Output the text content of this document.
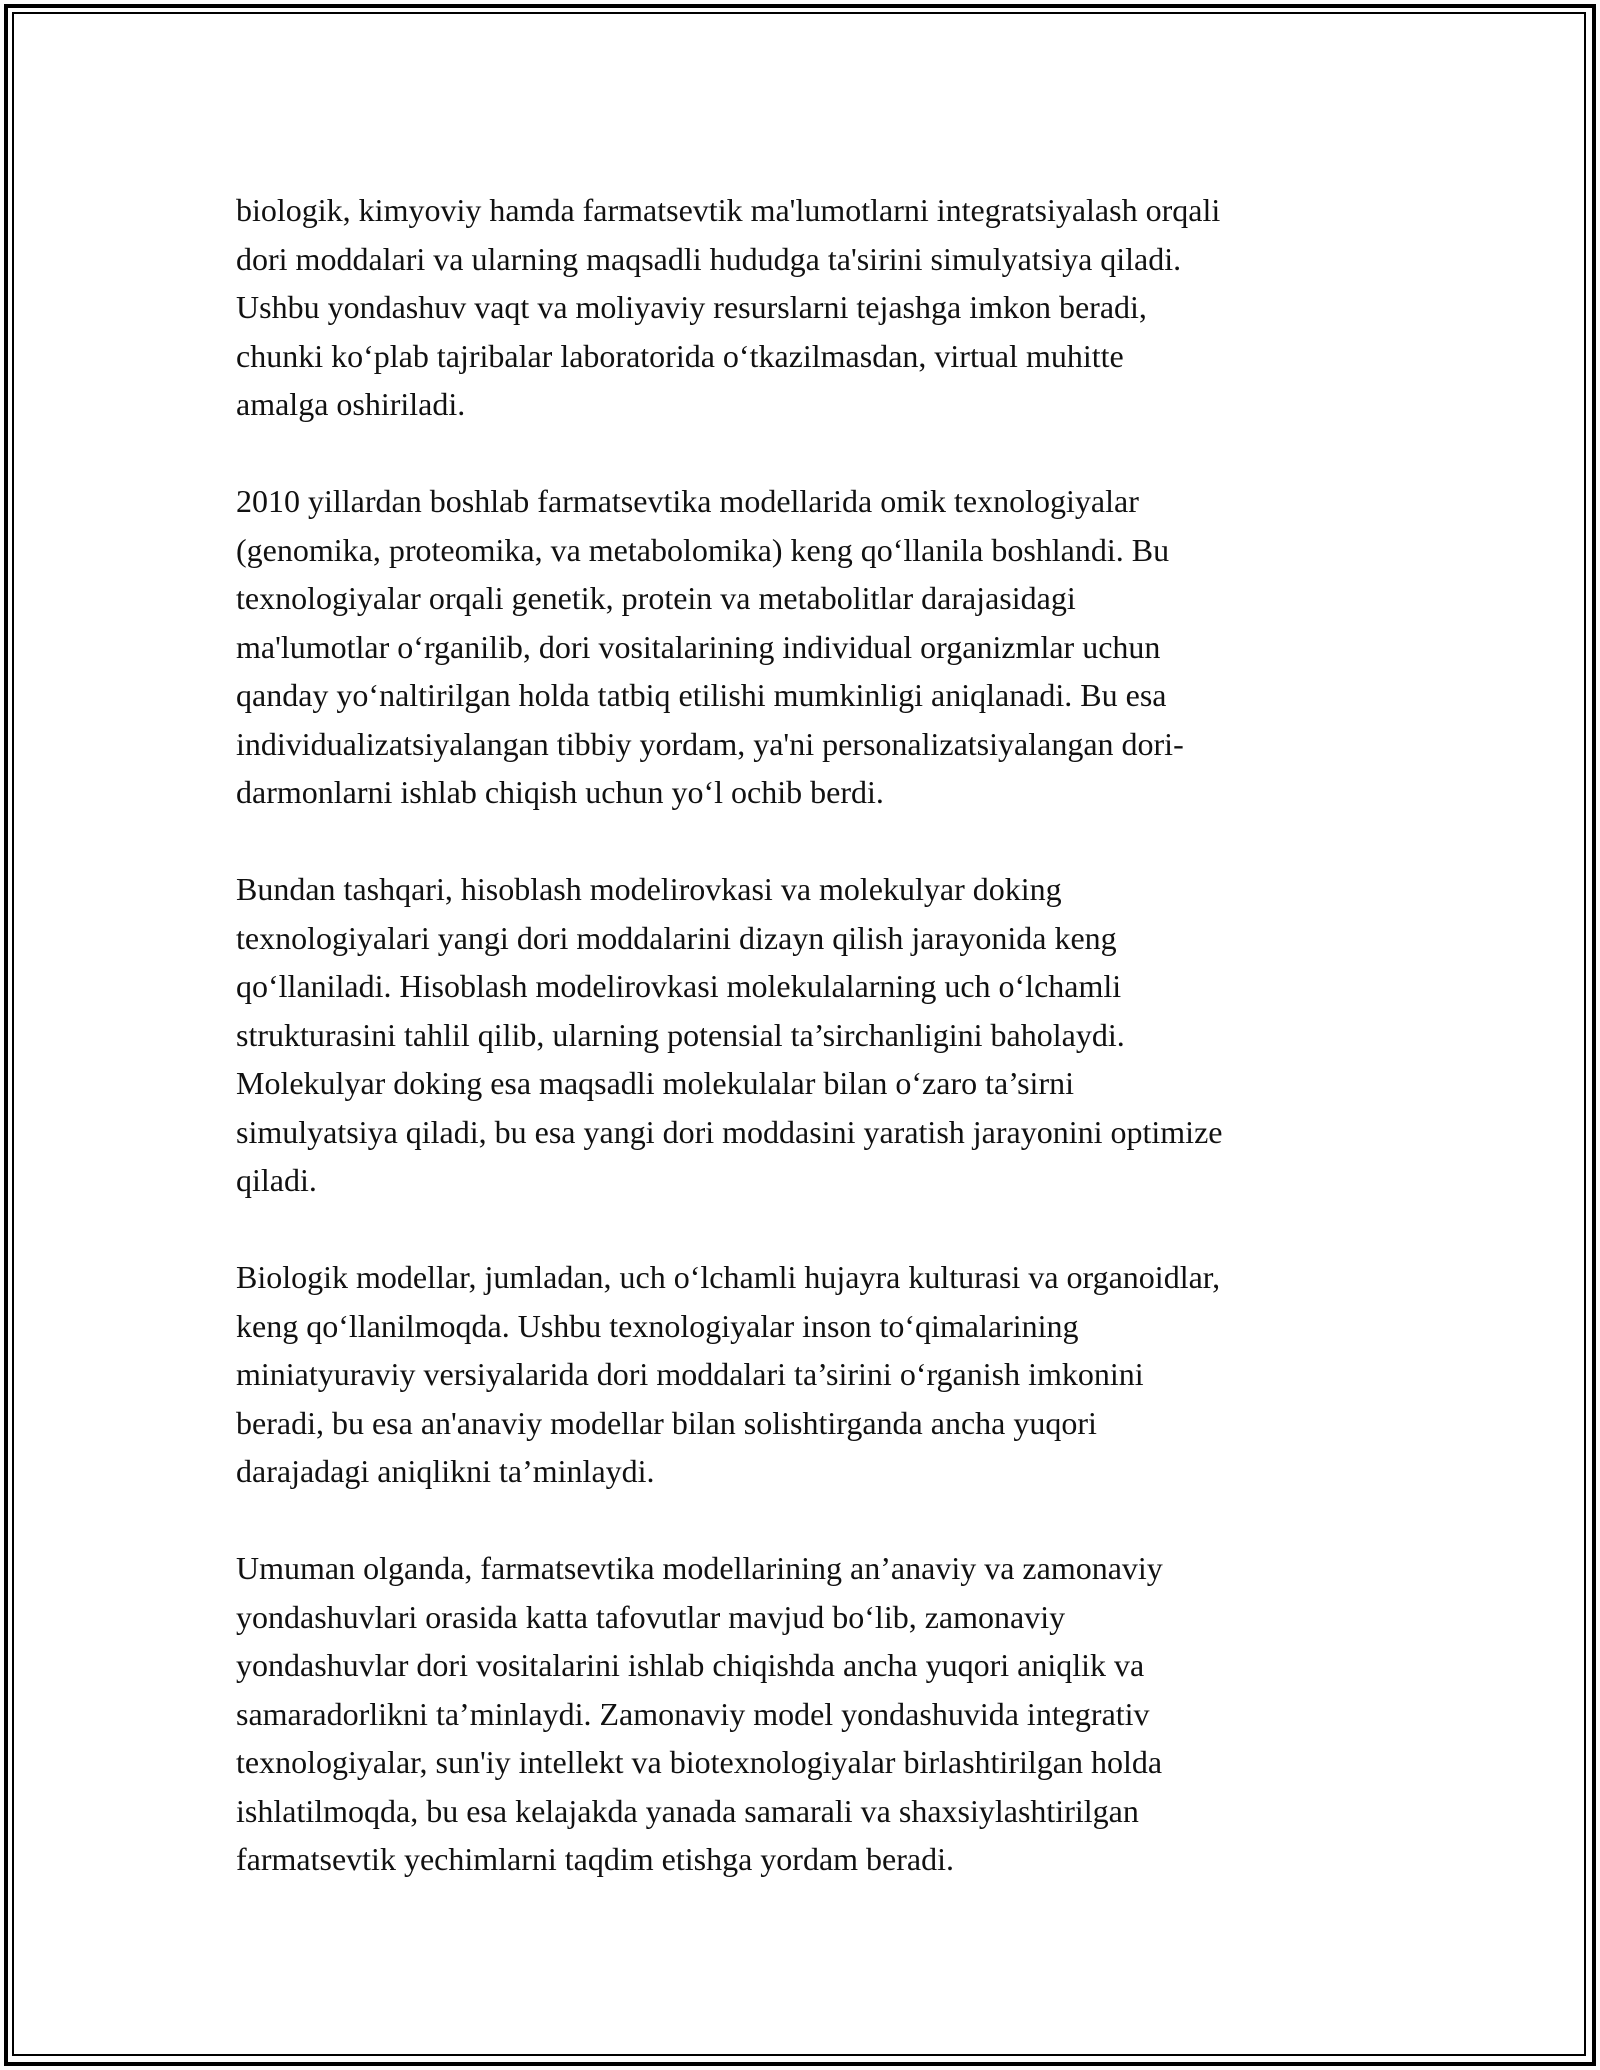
biologik, kimyoviy hamda farmatsevtik ma'lumotlarni integratsiyalash orqali
dori moddalari va ularning maqsadli hududga ta'sirini simulyatsiya qiladi.
Ushbu yondashuv vaqt va moliyaviy resurslarni tejashga imkon beradi,
chunki koʻplab tajribalar laboratorida oʻtkazilmasdan, virtual muhitte
amalga oshiriladi.

2010 yillardan boshlab farmatsevtika modellarida omik texnologiyalar
(genomika, proteomika, va metabolomika) keng qoʻllanila boshlandi. Bu
texnologiyalar orqali genetik, protein va metabolitlar darajasidagi
ma'lumotlar oʻrganilib, dori vositalarining individual organizmlar uchun
qanday yoʻnaltirilgan holda tatbiq etilishi mumkinligi aniqlanadi. Bu esa
individualizatsiyalangan tibbiy yordam, ya'ni personalizatsiyalangan dori-
darmonlarni ishlab chiqish uchun yoʻl ochib berdi.

Bundan tashqari, hisoblash modelirovkasi va molekulyar doking
texnologiyalari yangi dori moddalarini dizayn qilish jarayonida keng
qoʻllaniladi. Hisoblash modelirovkasi molekulalarning uch oʻlchamli
strukturasini tahlil qilib, ularning potensial ta’sirchanligini baholaydi.
Molekulyar doking esa maqsadli molekulalar bilan oʻzaro ta’sirni
simulyatsiya qiladi, bu esa yangi dori moddasini yaratish jarayonini optimize
qiladi.

Biologik modellar, jumladan, uch oʻlchamli hujayra kulturasi va organoidlar,
keng qoʻllanilmoqda. Ushbu texnologiyalar inson toʻqimalarining
miniatyuraviy versiyalarida dori moddalari ta’sirini oʻrganish imkonini
beradi, bu esa an'anaviy modellar bilan solishtirganda ancha yuqori
darajadagi aniqlikni ta’minlaydi.

Umuman olganda, farmatsevtika modellarining an’anaviy va zamonaviy
yondashuvlari orasida katta tafovutlar mavjud boʻlib, zamonaviy
yondashuvlar dori vositalarini ishlab chiqishda ancha yuqori aniqlik va
samaradorlikni ta’minlaydi. Zamonaviy model yondashuvida integrativ
texnologiyalar, sun'iy intellekt va biotexnologiyalar birlashtirilgan holda
ishlatilmoqda, bu esa kelajakda yanada samarali va shaxsiylashtirilgan
farmatsevtik yechimlarni taqdim etishga yordam beradi.
